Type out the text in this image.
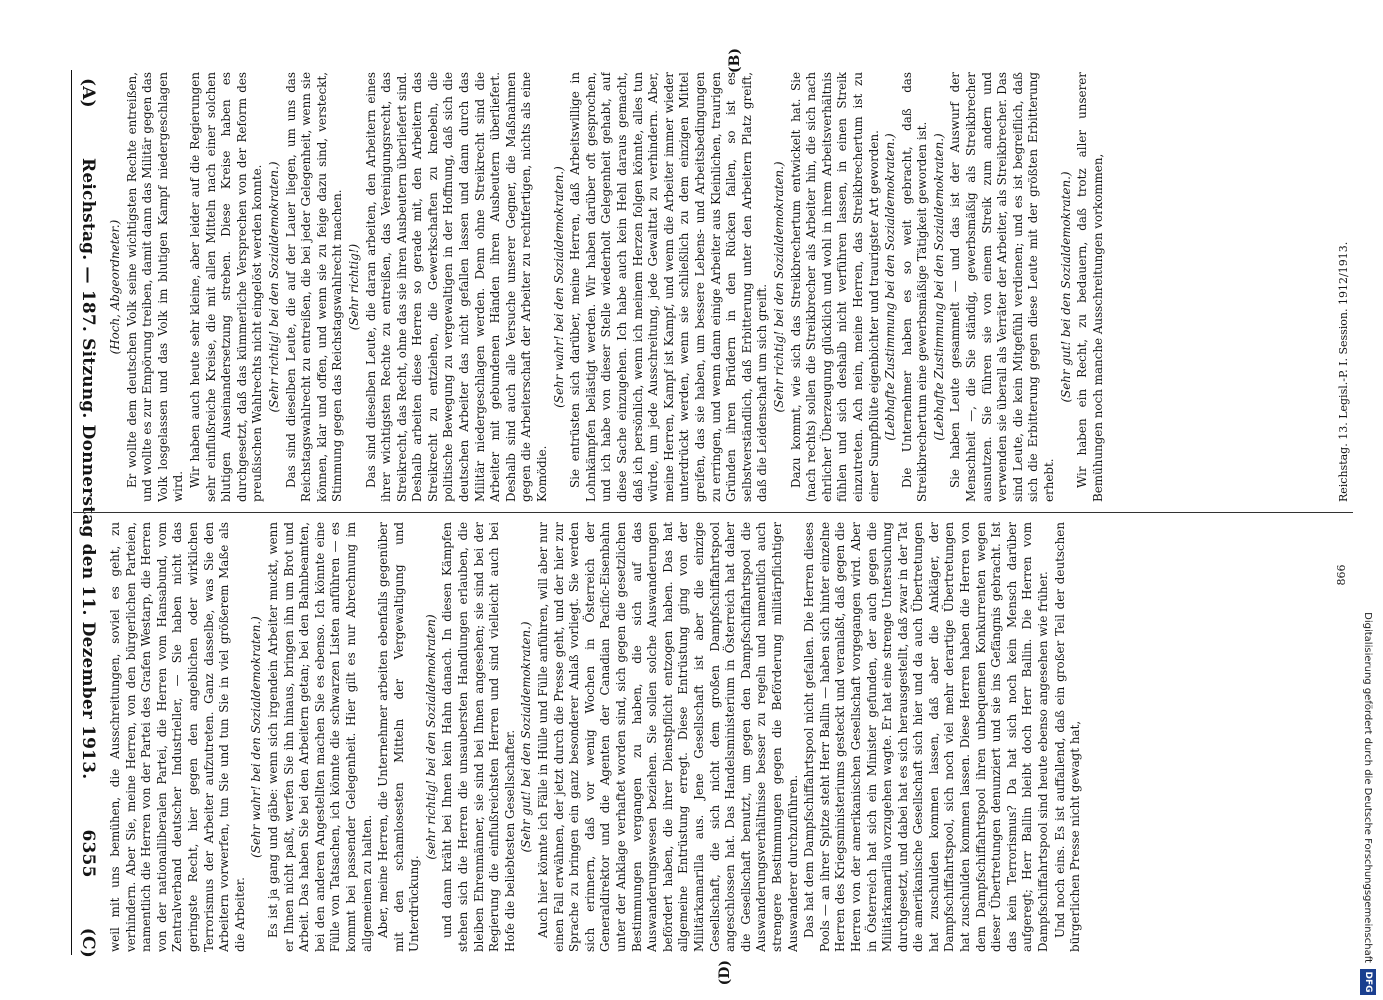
(A)
Reichstag. — 187. Sitzung. Donnerstag den 11. Dezember 1913.
6355
(C)

(Hoch, Abgeordneter.) Er wollte dem deutschen Volk seine wichtigsten Rechte entreißen, und wollte es zur Empörung treiben, damit dann das Militär gegen das Volk losgelassen und das Volk im blutigen Kampf niedergeschlagen wird. Wir haben auch heute sehr kleine, aber leider auf die Regierungen sehr einflußreiche Kreise, die mit allen Mitteln nach einer solchen blutigen Auseinandersetzung streben. Diese Kreise haben es durchgesetzt, daß das kümmerliche Versprechen von der Reform des preußischen Wahlrechts nicht eingelöst werden konnte. (Sehr richtig! bei den Sozialdemokraten.) Das sind dieselben Leute, die auf der Lauer liegen, um uns das Reichstagswahlrecht zu entreißen, die bei jeder Gelegenheit, wenn sie können, klar und offen, und wenn sie zu feige dazu sind, versteckt, Stimmung gegen das Reichstagswahlrecht machen. (Sehr richtig!) Das sind dieselben Leute, die daran arbeiten, den Arbeitern eines ihrer wichtigsten Rechte zu entreißen, das Vereinigungsrecht, das Streikrecht, das Recht, ohne das sie ihren Ausbeutern überliefert sind. Deshalb arbeiten diese Herren so gerade mit, den Arbeitern das Streikrecht zu entziehen, die Gewerkschaften zu knebeln, die politische Bewegung zu vergewaltigen in der Hoffnung, daß sich die deutschen Arbeiter das nicht gefallen lassen und dann durch das Militär niedergeschlagen werden. Denn ohne Streikrecht sind die Arbeiter mit gebundenen Händen ihren Ausbeutern überliefert. Deshalb sind auch alle Versuche unserer Gegner, die Maßnahmen gegen die Arbeiterschaft der Arbeiter zu rechtfertigen, nichts als eine Komödie.

(Sehr wahr! bei den Sozialdemokraten.) Sie entrüsten sich darüber, meine Herren, daß Arbeitswillige in Lohnkämpfen belästigt werden. Wir haben darüber oft gesprochen, und ich habe von dieser Stelle wiederholt Gelegenheit gehabt, auf diese Sache einzugehen. Ich habe auch kein Hehl daraus gemacht, daß ich persönlich, wenn ich meinem Herzen folgen könnte, alles tun würde, um jede Ausschreitung, jede Gewalttat zu verhindern. Aber, meine Herren, Kampf ist Kampf, und wenn die Arbeiter immer wieder unterdrückt werden, wenn sie schließlich zu dem einzigen Mittel greifen, das sie haben, um bessere Lebens- und Arbeitsbedingungen zu erringen, und wenn dann einige Arbeiter aus Kleinlichen, traurigen Gründen ihren Brüdern in den Rücken fallen, so ist es selbstverständlich, daß Erbitterung unter den Arbeitern Platz greift, daß die Leidenschaft um sich greift. (Sehr richtig! bei den Sozialdemokraten.) Dazu kommt, wie sich das Streikbrechertum entwickelt hat. Sie (nach rechts) sollen die Streikbrecher als Arbeiter hin, die sich nach ehrlicher Überzeugung glücklich und wohl in ihrem Arbeitsverhältnis fühlen und sich deshalb nicht verführen lassen, in einen Streik einzutreten. Ach nein, meine Herren, das Streikbrechertum ist zu einer Sumpfblüte eigenbichter und traurigster Art geworden. (Lebhafte Zustimmung bei den Sozialdemokraten.) Die Unternehmer haben es so weit gebracht, daß das Streikbrechertum eine gewerbsmäßige Tätigkeit geworden ist. (Lebhafte Zustimmung bei den Sozialdemokraten.) Sie haben Leute gesammelt — und das ist der Auswurf der Menschheit —, die Sie ständig, gewerbsmäßig als Streikbrecher ausnutzen. Sie führen sie von einem Streik zum andern und verwenden sie überall als Verräter der Arbeiter, als Streikbrecher. Das sind Leute, die kein Mitgefühl verdienen; und es ist begreiflich, daß sich die Erbitterung gegen diese Leute mit der größten Erbitterung erhebt.

(Sehr gut! bei den Sozialdemokraten.) Wir haben ein Recht, zu bedauern, daß trotz aller unserer Bemühungen noch manche Ausschreitungen vorkommen,

weil mit uns bemühen, die Ausschreitungen, soviel es geht, zu verhindern. Aber Sie, meine Herren, von den bürgerlichen Parteien, namentlich die Herren von der Partei des Grafen Westarp, die Herren von der nationalliberalen Partei, die Herren vom Hansabund, vom Zentralverband deutscher Industrieller, — Sie haben nicht das geringste Recht, hier gegen den angeblichen oder wirklichen Terrorismus der Arbeiter aufzutreten. Ganz dasselbe, was Sie den Arbeitern vorwerfen, tun Sie und tun Sie in viel größerem Maße als die Arbeiter.

(Sehr wahr! bei den Sozialdemokraten.) Es ist ja gang und gäbe: wenn sich irgendein Arbeiter muckt, wenn er Ihnen nicht paßt, werfen Sie ihn hinaus, bringen ihn um Brot und Arbeit. Das haben Sie bei den Arbeitern getan; bei den Bahnbeamten, bei den anderen Angestellten machen Sie es ebenso. Ich könnte eine Fülle von Tatsachen, ich könnte die schwarzen Listen anführen — es kommt bei passender Gelegenheit. Hier gilt es nur Abrechnung im allgemeinen zu halten. Aber, meine Herren, die Unternehmer arbeiten ebenfalls gegenüber mit den schamlosesten Mitteln der Vergewaltigung und Unterdrückung.

(sehr richtig! bei den Sozialdemokraten) und dann kräht bei Ihnen kein Hahn danach. In diesen Kämpfen stehen sich die Herren die unsaubersten Handlungen erlauben, die bleiben Ehrenmänner, sie sind bei Ihnen angesehen; sie sind bei der Regierung die einflußreichsten Herren und sind vielleicht auch bei Hofe die beliebtesten Gesellschafter. (Sehr gut! bei den Sozialdemokraten.) Auch hier könnte ich Fälle in Hülle und Fülle anführen, will aber nur einen Fall erwähnen, der jetzt durch die Presse geht, und der hier zur Sprache zu bringen ein ganz besonderer Anlaß vorliegt. Sie werden sich erinnern, daß vor wenig Wochen in Österreich der Generaldirektor und die Agenten der Canadian Pacific-Eisenbahn unter der Anklage verhaftet worden sind, sich gegen die gesetzlichen Bestimmungen vergangen zu haben, die sich auf das Auswanderungswesen beziehen. Sie sollen solche Auswanderungen befördert haben, die ihrer Dienstpflicht entzogen haben. Das hat allgemeine Entrüstung erregt. Diese Entrüstung ging von der Militärkamarilla aus. Jene Gesellschaft ist aber die einzige Gesellschaft, die sich nicht dem großen Dampfschiffahrtspool angeschlossen hat. Das Handelsministerium in Österreich hat daher die Gesellschaft benutzt, um gegen den Dampfschiffahrtspool die Auswanderungsverhältnisse besser zu regeln und namentlich auch strengere Bestimmungen gegen die Beförderung militärpflichtiger Auswanderer durchzuführen. Das hat dem Dampfschiffahrtspool nicht gefallen. Die Herren dieses Pools — an ihrer Spitze steht Herr Ballin — haben sich hinter einzelne Herren des Kriegsministeriums gesteckt und veranlaßt, daß gegen die Herren von der amerikanischen Gesellschaft vorgegangen wird. Aber in Österreich hat sich ein Minister gefunden, der auch gegen die Militärkamarilla vorzugehen wagte. Er hat eine strenge Untersuchung durchgesetzt, und dabei hat es sich herausgestellt, daß zwar in der Tat die amerikanische Gesellschaft sich hier und da auch Übertretungen hat zuschulden kommen lassen, daß aber die Ankläger, der Dampfschiffahrtspool, sich noch viel mehr derartige Übertretungen hat zuschulden kommen lassen. Diese Herren haben die Herren von dem Dampfschiffahrtspool ihren unbequemen Konkurrenten wegen dieser Übertretungen denunziert und sie ins Gefängnis gebracht. Ist das kein Terrorismus? Da hat sich noch kein Mensch darüber aufgeregt; Herr Ballin bleibt doch Herr Ballin. Die Herren vom Dampfschiffahrtspool sind heute ebenso angesehen wie früher. Und noch eins. Es ist auffallend, daß ein großer Teil der deutschen bürgerlichen Presse nicht gewagt hat,

(B)
(D)
Reichstag. 13. Legisl.-P. I. Session. 1912/1913.
866
Digitalisierung gefördert durch die Deutsche Forschungsgemeinschaft
DFG
